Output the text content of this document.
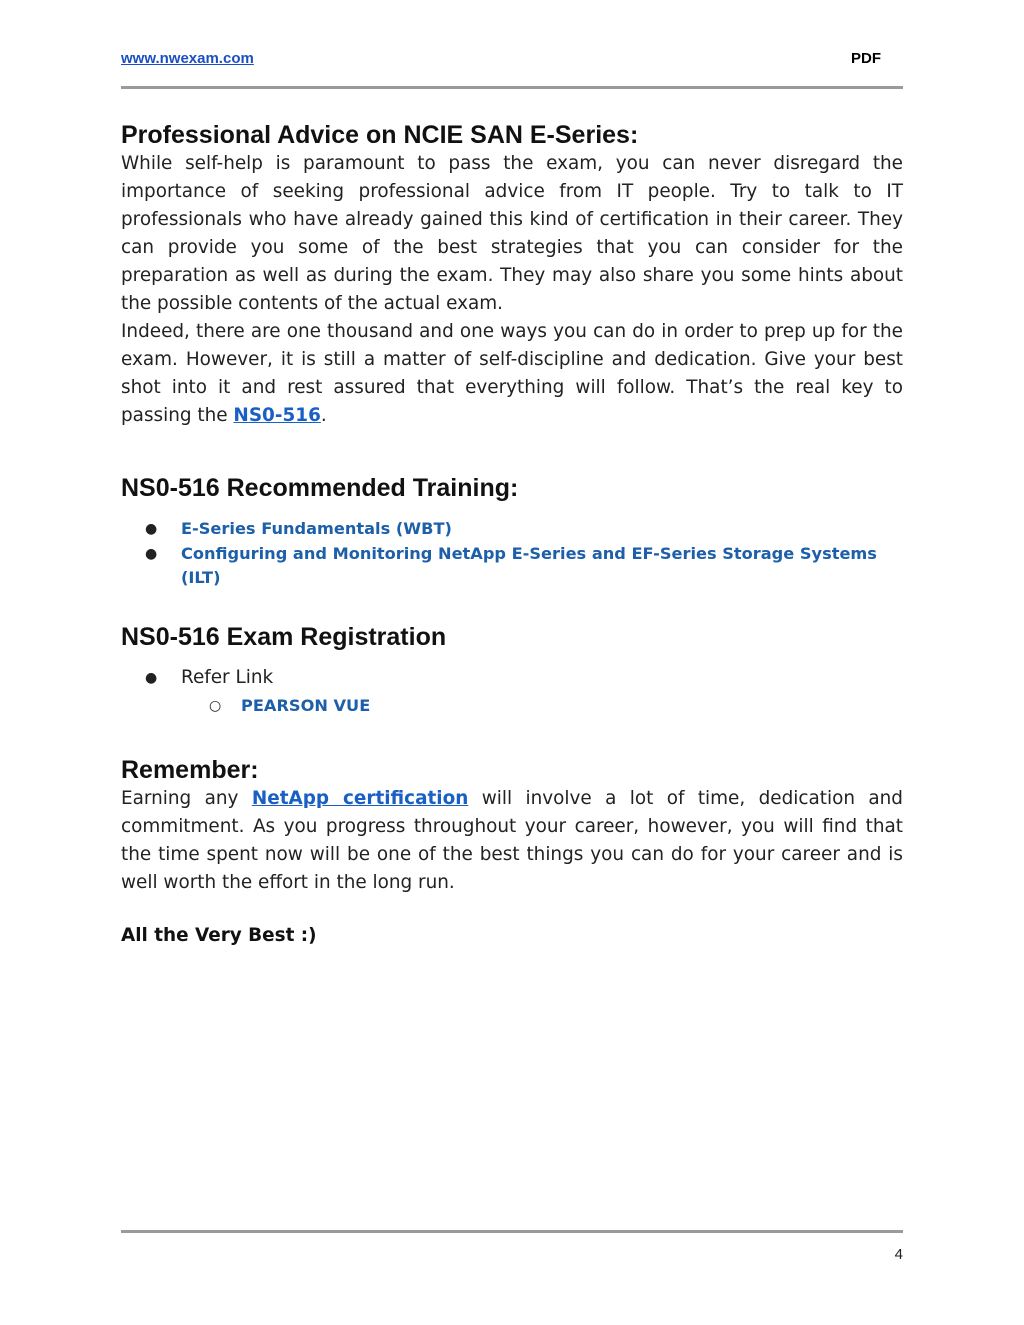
www.nwexam.com	PDF
Professional Advice on NCIE SAN E-Series:

While self-help is paramount to pass the exam, you can never disregard the importance of seeking professional advice from IT people. Try to talk to IT professionals who have already gained this kind of certification in their career. They can provide you some of the best strategies that you can consider for the preparation as well as during the exam. They may also share you some hints about the possible contents of the actual exam.

Indeed, there are one thousand and one ways you can do in order to prep up for the exam. However, it is still a matter of self-discipline and dedication. Give your best shot into it and rest assured that everything will follow. That’s the real key to passing the NS0-516.

NS0-516 Recommended Training:
● E-Series Fundamentals (WBT)
● Configuring and Monitoring NetApp E-Series and EF-Series Storage Systems (ILT)
NS0-516 Exam Registration
● Refer Link
○ PEARSON VUE
Remember:

Earning any NetApp certification will involve a lot of time, dedication and commitment. As you progress throughout your career, however, you will find that the time spent now will be one of the best things you can do for your career and is well worth the effort in the long run.

All the Very Best :)
4
